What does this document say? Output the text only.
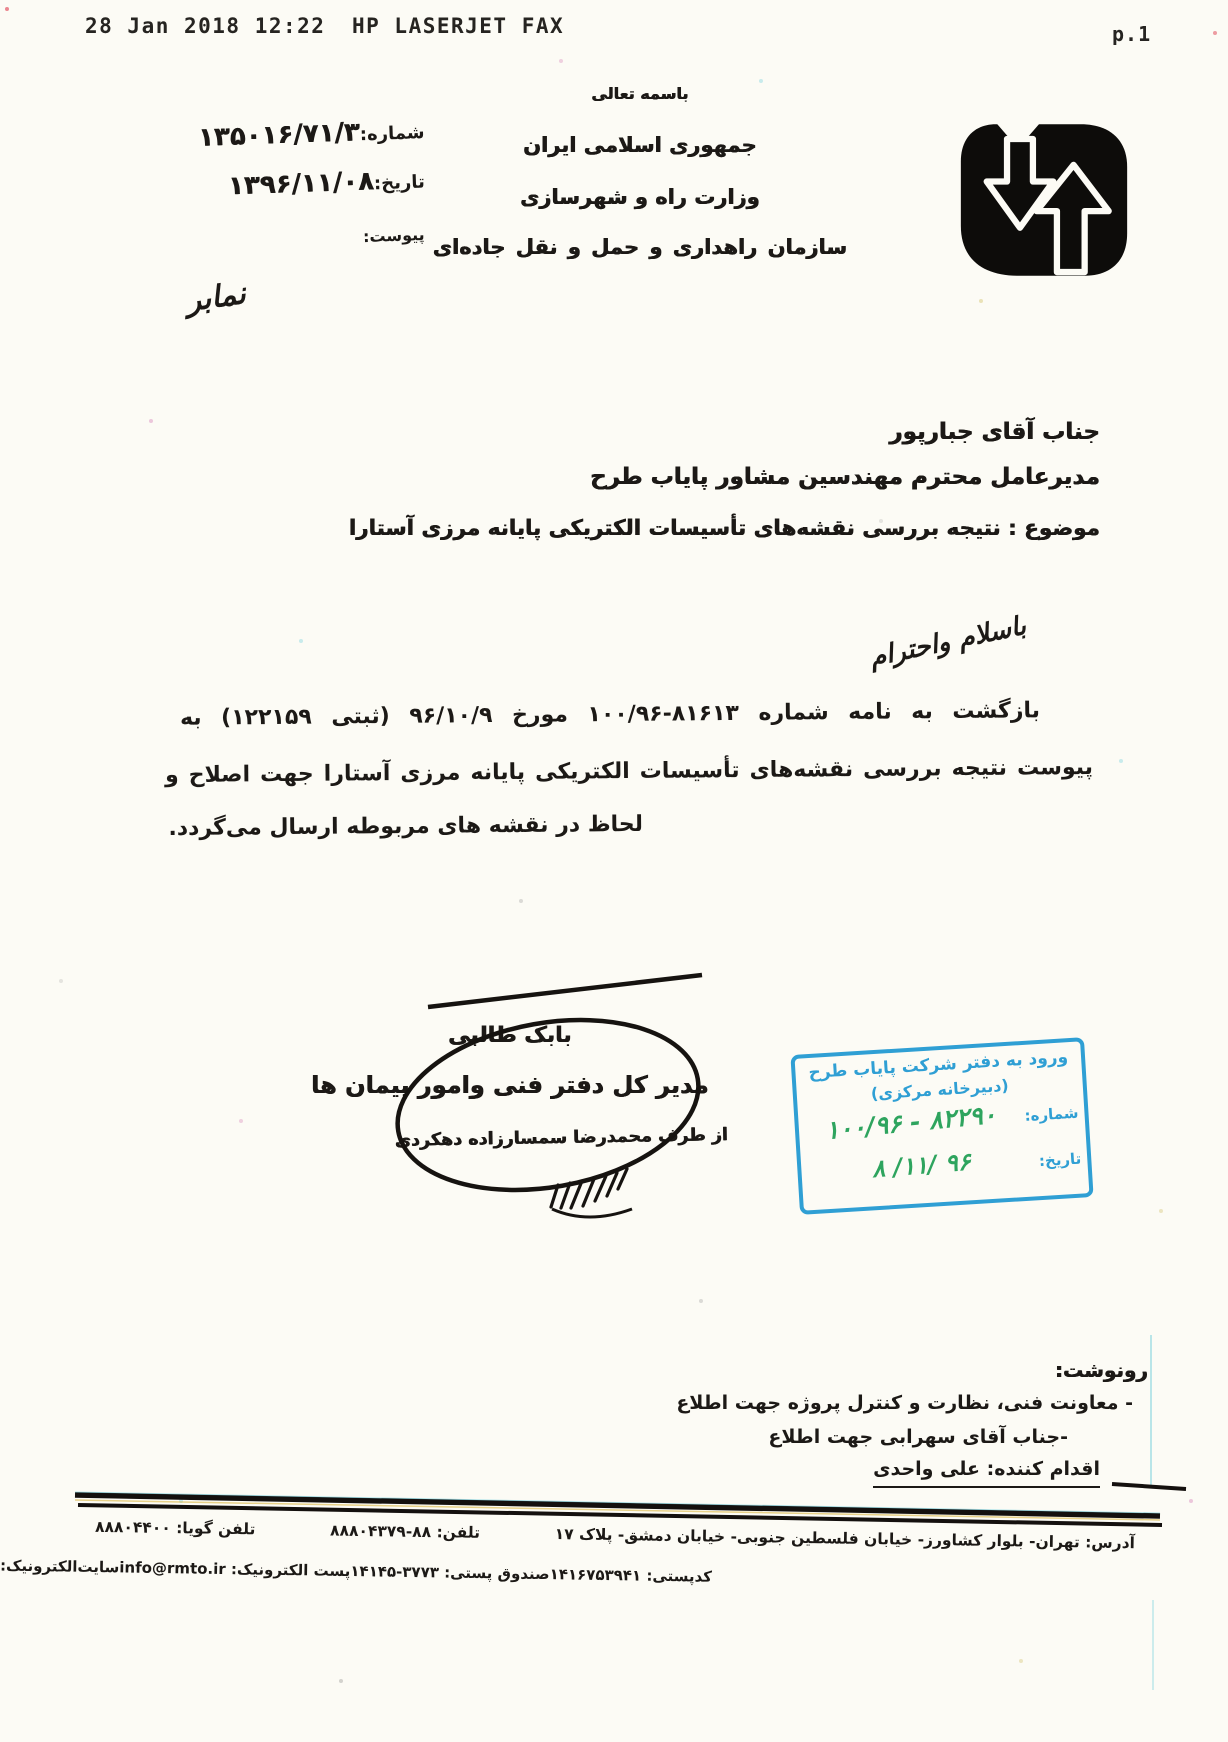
28 Jan 2018 12:22 HP LASERJET FAX	p.1
باسمه تعالی
جمهوری اسلامی ایران
وزارت راه و شهرسازی
سازمان راهداری و حمل و نقل جاده‌ای
شماره:۱۳۵۰۱۶/۷۱/۳
تاریخ:۱۳۹۶/۱۱/۰۸
پیوست:
نمابر
جناب آقای جبارپور
مدیرعامل محترم مهندسین مشاور پایاب طرح
موضوع : نتیجه بررسی نقشه‌های تأسیسات الکتریکی پایانه مرزی آستارا
باسلام واحترام
بازگشت به نامه شماره ۸۱۶۱۳-۱۰۰/۹۶ مورخ ۹۶/۱۰/۹ (ثبتی ۱۲۲۱۵۹) به
پیوست نتیجه بررسی نقشه‌های تأسیسات الکتریکی پایانه مرزی آستارا جهت اصلاح و
لحاظ در نقشه های مربوطه ارسال می‌گردد.
بابک طالبی
مدیر کل دفتر فنی وامور پیمان ها
از طرف محمدرضا سمسارزاده دهکردی
ورود به دفتر شرکت پایاب طرح
(دبیرخانه مرکزی)
شماره:
تاریخ:
۸۲۲۹۰ - ۱۰۰/۹۶
۹۶ /۱۱/ ۸
رونوشت:
- معاونت فنی، نظارت و کنترل پروژه جهت اطلاع
-جناب آقای سهرابی جهت اطلاع
اقدام کننده: علی واحدی
آدرس: تهران- بلوار کشاورز- خیابان فلسطین جنوبی- خیابان دمشق- پلاک ۱۷
تلفن: ۸۸-۸۸۸۰۴۳۷۹
تلفن گویا: ۸۸۸۰۴۴۰۰
کدپستی: ۱۴۱۶۷۵۳۹۴۱
صندوق پستی: ۳۷۷۳-۱۴۱۴۵
پست الکترونیک: info@rmto.ir
سایت‌الکترونیک:
